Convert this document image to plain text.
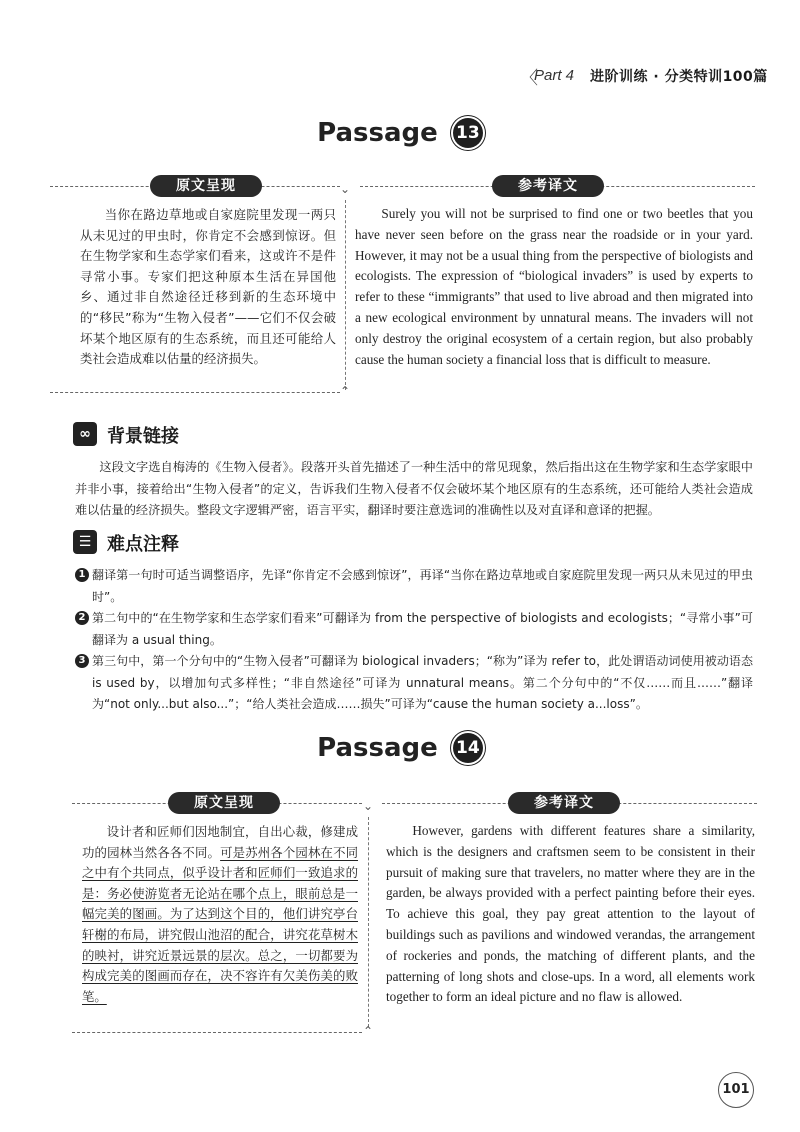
〈
Part 4 进阶训练 · 分类特训100篇
Passage 13
原文呈现	参考译文
⌄
⌃
当你在路边草地或自家庭院里发现一两只从未见过的甲虫时，你肯定不会感到惊讶。但在生物学家和生态学家们看来，这或许不是件寻常小事。专家们把这种原本生活在异国他乡、通过非自然途径迁移到新的生态环境中的“移民”称为“生物入侵者”——它们不仅会破坏某个地区原有的生态系统，而且还可能给人类社会造成难以估量的经济损失。
Surely you will not be surprised to find one or two beetles that you have never seen before on the grass near the roadside or in your yard. However, it may not be a usual thing from the perspective of biologists and ecologists. The expression of “biological invaders” is used by experts to refer to these “immigrants” that used to live abroad and then migrated into a new ecological environment by unnatural means. The invaders will not only destroy the original ecosystem of a certain region, but also probably cause the human society a financial loss that is difficult to measure.
∞ 背景链接
这段文字选自梅涛的《生物入侵者》。段落开头首先描述了一种生活中的常见现象，然后指出这在生物学家和生态学家眼中并非小事，接着给出“生物入侵者”的定义，告诉我们生物入侵者不仅会破坏某个地区原有的生态系统，还可能给人类社会造成难以估量的经济损失。整段文字逻辑严密，语言平实，翻译时要注意选词的准确性以及对直译和意译的把握。
☰ 难点注释
1 翻译第一句时可适当调整语序，先译“你肯定不会感到惊讶”，再译“当你在路边草地或自家庭院里发现一两只从未见过的甲虫时”。
2 第二句中的“在生物学家和生态学家们看来”可翻译为 from the perspective of biologists and ecologists；“寻常小事”可翻译为 a usual thing。
3 第三句中，第一个分句中的“生物入侵者”可翻译为 biological invaders；“称为”译为 refer to，此处谓语动词使用被动语态is used by，以增加句式多样性；“非自然途径”可译为 unnatural means。第二个分句中的“不仅……而且……”翻译为“not only...but also...”；“给人类社会造成……损失”可译为“cause the human society a...loss”。
Passage 14
原文呈现	参考译文
⌄
⌃
设计者和匠师们因地制宜，自出心裁，修建成功的园林当然各各不同。可是苏州各个园林在不同之中有个共同点，似乎设计者和匠师们一致追求的是：务必使游览者无论站在哪个点上，眼前总是一幅完美的图画。为了达到这个目的，他们讲究亭台轩榭的布局，讲究假山池沼的配合，讲究花草树木的映衬，讲究近景远景的层次。总之，一切都要为构成完美的图画而存在，决不容许有欠美伤美的败笔。
However, gardens with different features share a similarity, which is the designers and craftsmen seem to be consistent in their pursuit of making sure that travelers, no matter where they are in the garden, be always provided with a perfect painting before their eyes. To achieve this goal, they pay great attention to the layout of buildings such as pavilions and windowed verandas, the arrangement of rockeries and ponds, the matching of different plants, and the patterning of long shots and close-ups. In a word, all elements work together to form an ideal picture and no flaw is allowed.
101
